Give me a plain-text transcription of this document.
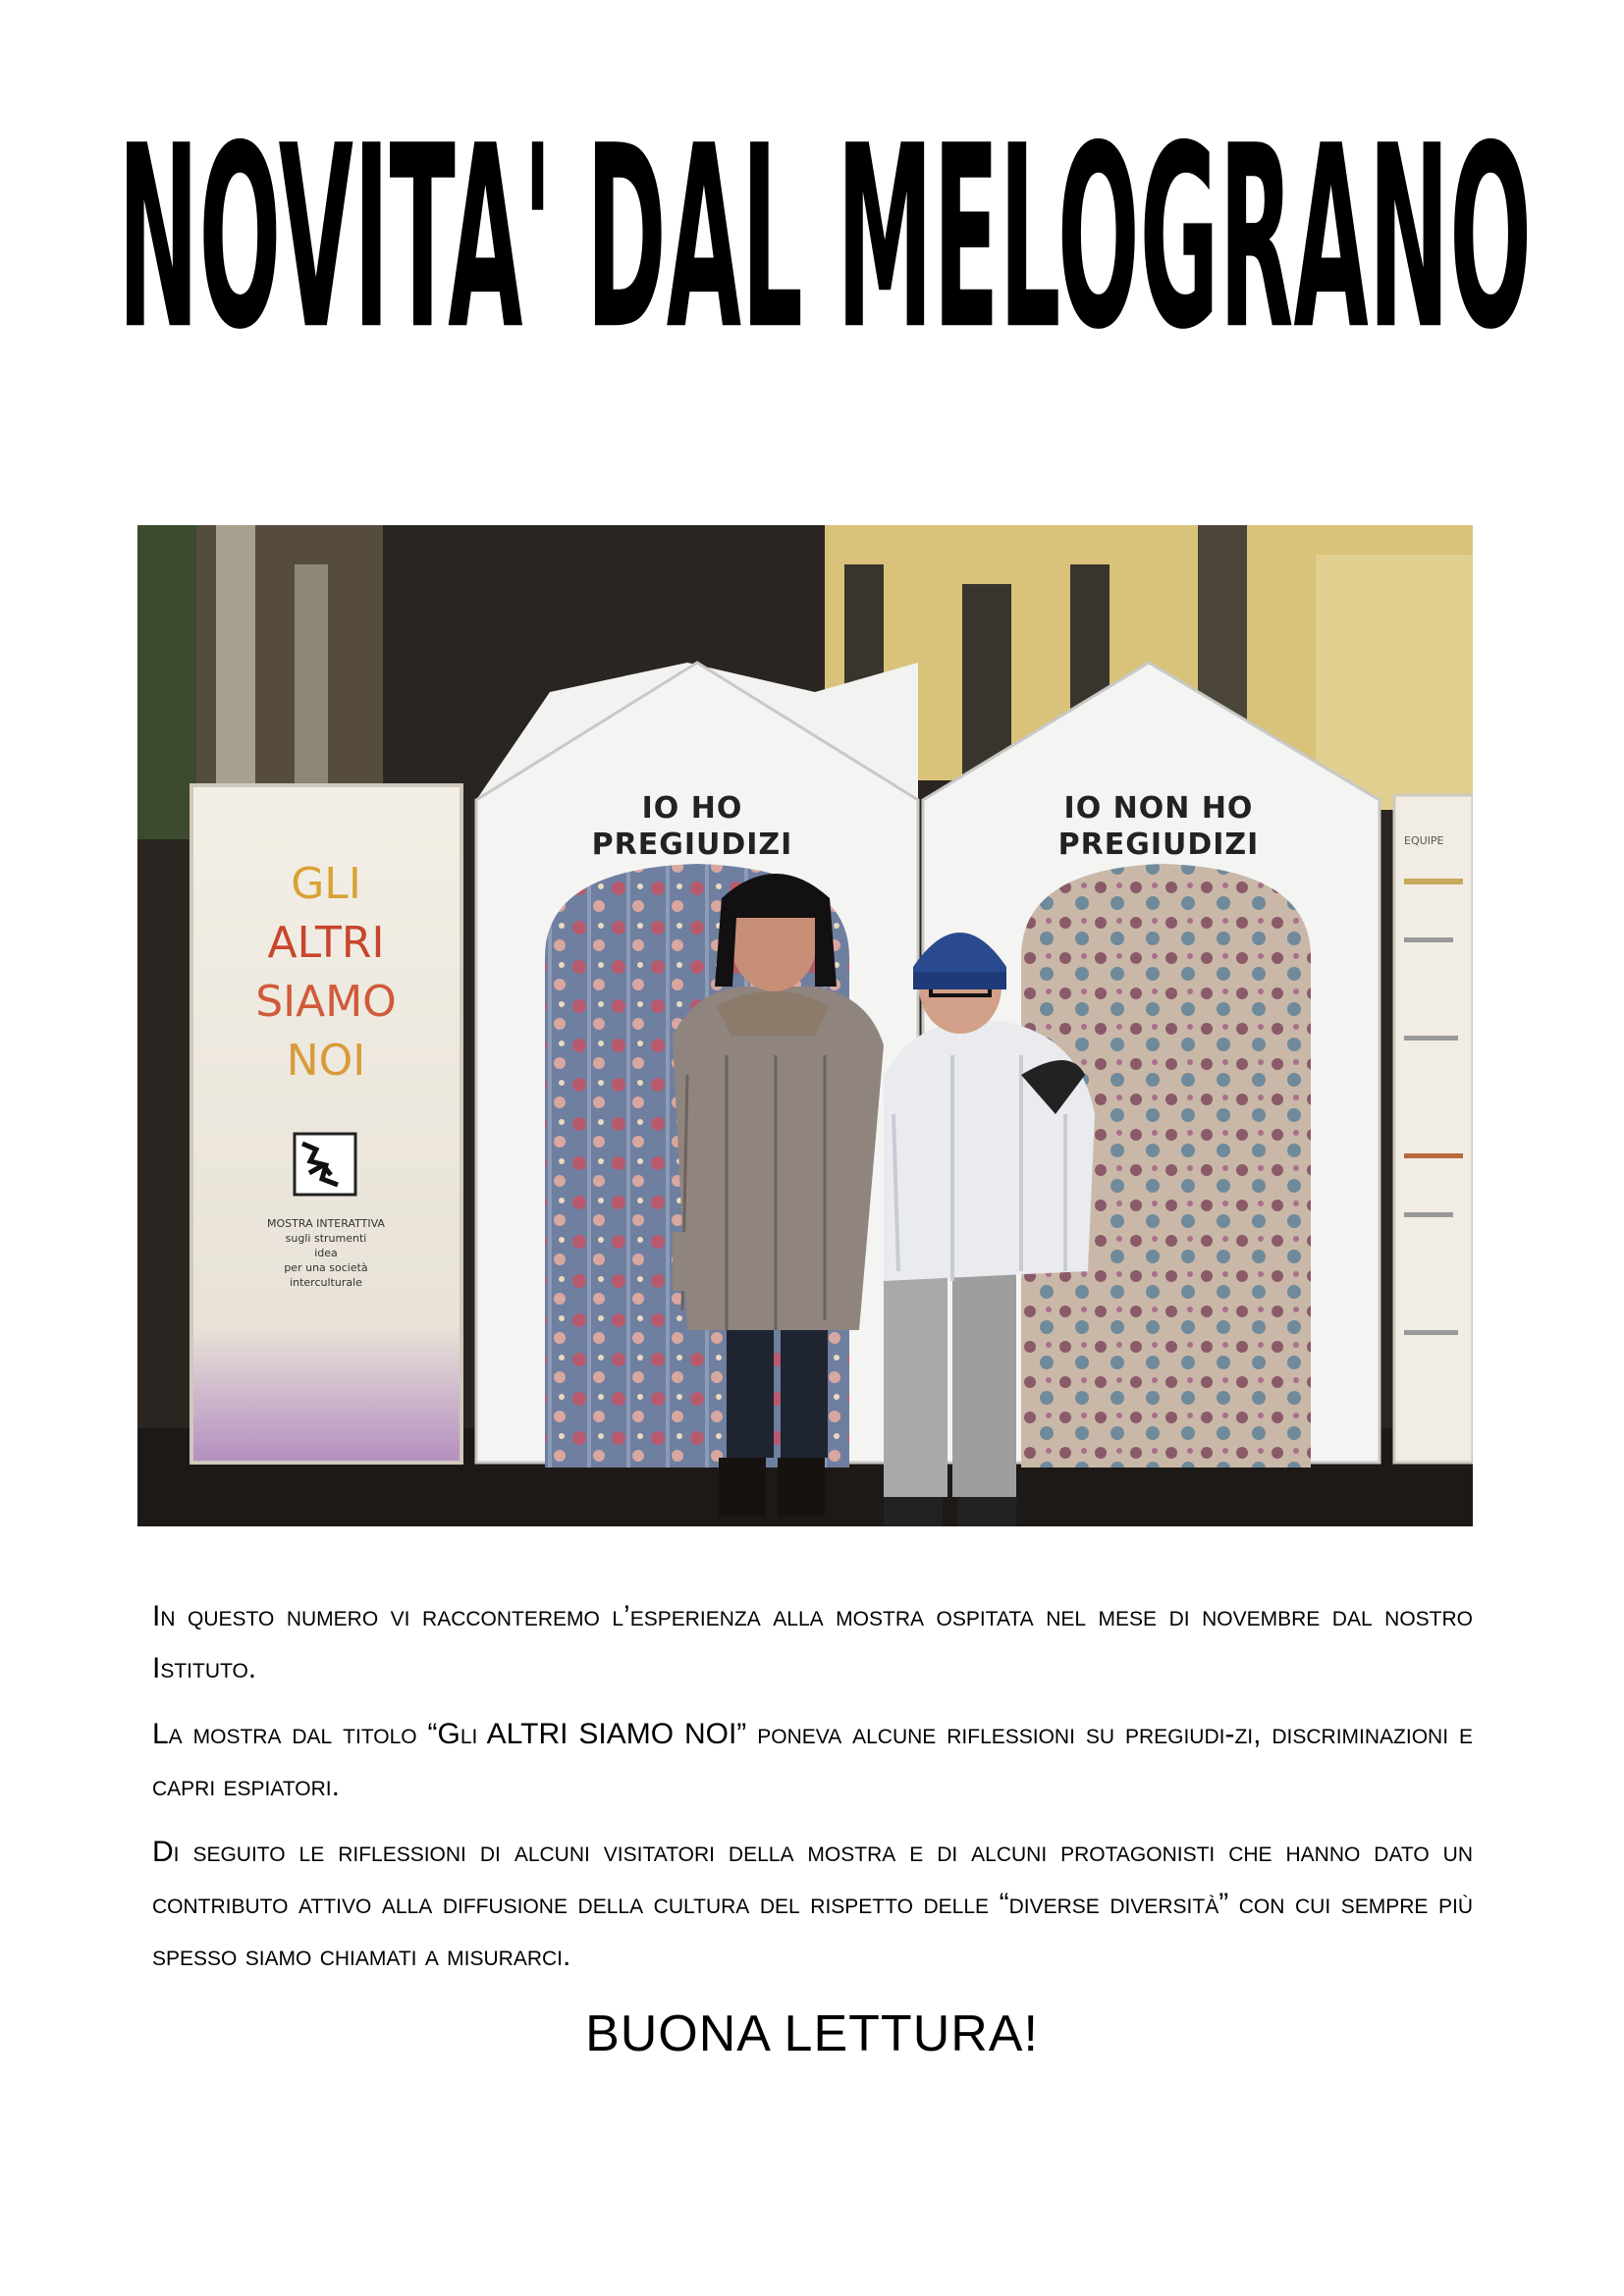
NOVITA' DAL MELOGRANO
GLI
ALTRI
SIAMO
NOI
MOSTRA INTERATTIVA
sugli strumenti
idea
per una società
interculturale
IO HO
PREGIUDIZI
IO NON HO
PREGIUDIZI	EQUIPE

In questo numero vi racconteremo l’esperienza alla mostra ospitata nel mese di novembre dal nostro Istituto.

La mostra dal titolo “Gli ALTRI SIAMO NOI” poneva alcune riflessioni su pregiudi-zi, discriminazioni e capri espiatori.

Di seguito le riflessioni di alcuni visitatori della mostra e di alcuni protagonisti che hanno dato un contributo attivo alla diffusione della cultura del rispetto delle “diverse diversità” con cui sempre più spesso siamo chiamati a misurarci.

BUONA LETTURA!
